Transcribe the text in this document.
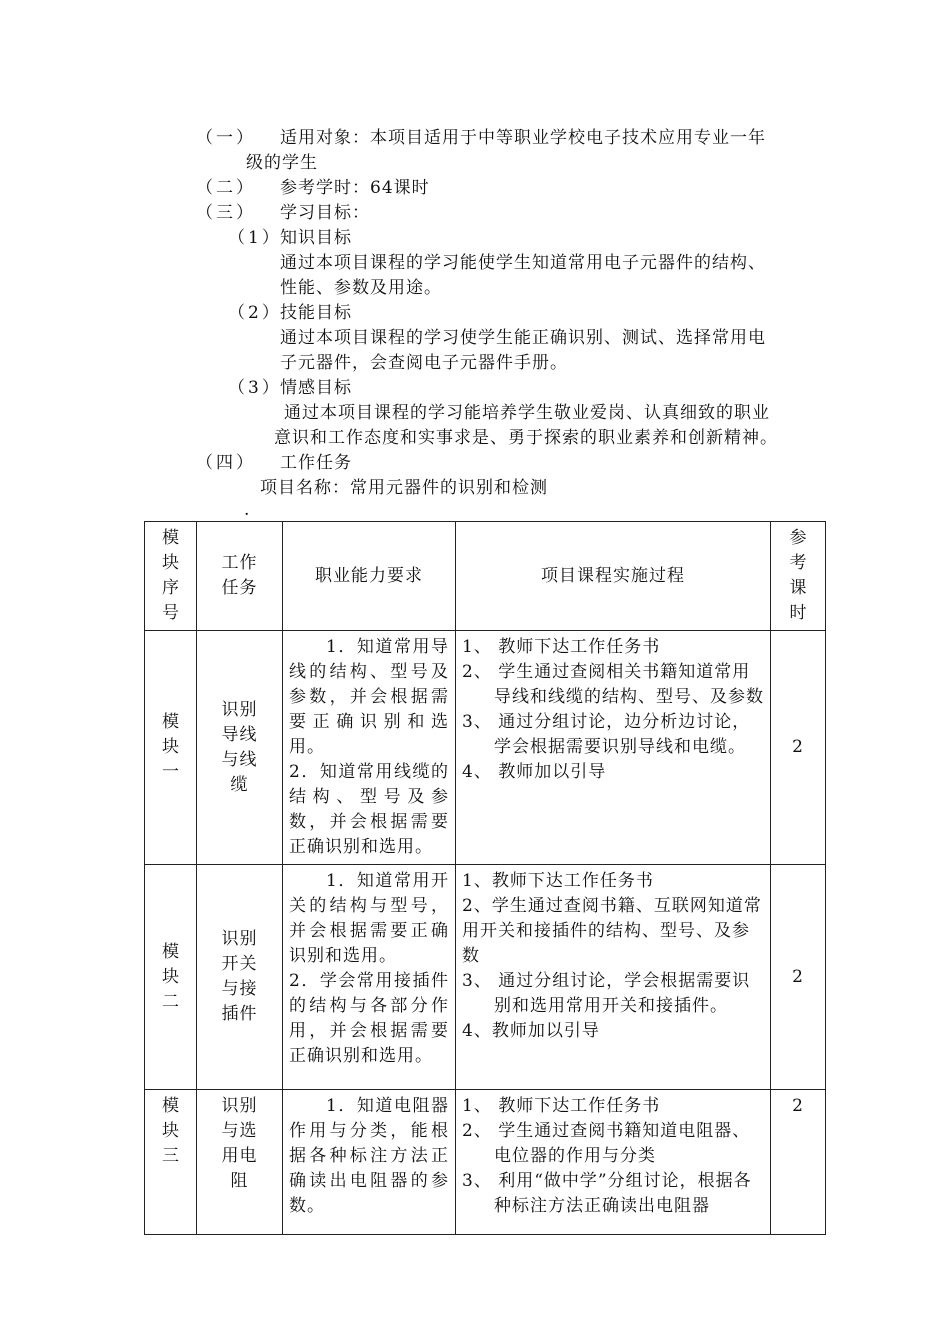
（一） 适用对象：本项目适用于中等职业学校电子技术应用专业一年
级的学生
（二） 参考学时：64课时
（三） 学习目标：
（1）
知识目标
通过本项目课程的学习能使学生知道常用电子元器件的结构、
性能、参数及用途。
（2）
技能目标
通过本项目课程的学习使学生能正确识别、测试、选择常用电
子元器件，会查阅电子元器件手册。
（3）
情感目标
通过本项目课程的学习能培养学生敬业爱岗、认真细致的职业
意识和工作态度和实事求是、勇于探索的职业素养和创新精神。
（四） 工作任务
项目名称：常用元器件的识别和检测
.
模块序号	工作任务	职业能力要求	项目课程实施过程	参考课时

模块一	识别导线与线缆	　　1．知道常用导线的结构、型号及参数，并会根据需要正确识别和选用。
2．知道常用线缆的结构、型号及参数，并会根据需要正确识别和选用。	1、 教师下达工作任务书
2、 学生通过查阅相关书籍知道常用导线和线缆的结构、型号、及参数
3、 通过分组讨论，边分析边讨论，学会根据需要识别导线和电缆。
4、 教师加以引导	2

模块二	识别开关与接插件	　　1．知道常用开关的结构与型号，并会根据需要正确识别和选用。
2．学会常用接插件的结构与各部分作用，并会根据需要正确识别和选用。	1、教师下达工作任务书
2、学生通过查阅书籍、互联网知道常用开关和接插件的结构、型号、及参数
3、 通过分组讨论，学会根据需要识别和选用常用开关和接插件。
4、教师加以引导	2

模块三	识别与选用电阻	　　1．知道电阻器作用与分类，能根据各种标注方法正确读出电阻器的参数。	1、 教师下达工作任务书
2、 学生通过查阅书籍知道电阻器、电位器的作用与分类
3、 利用“做中学”分组讨论，根据各种标注方法正确读出电阻器	2
